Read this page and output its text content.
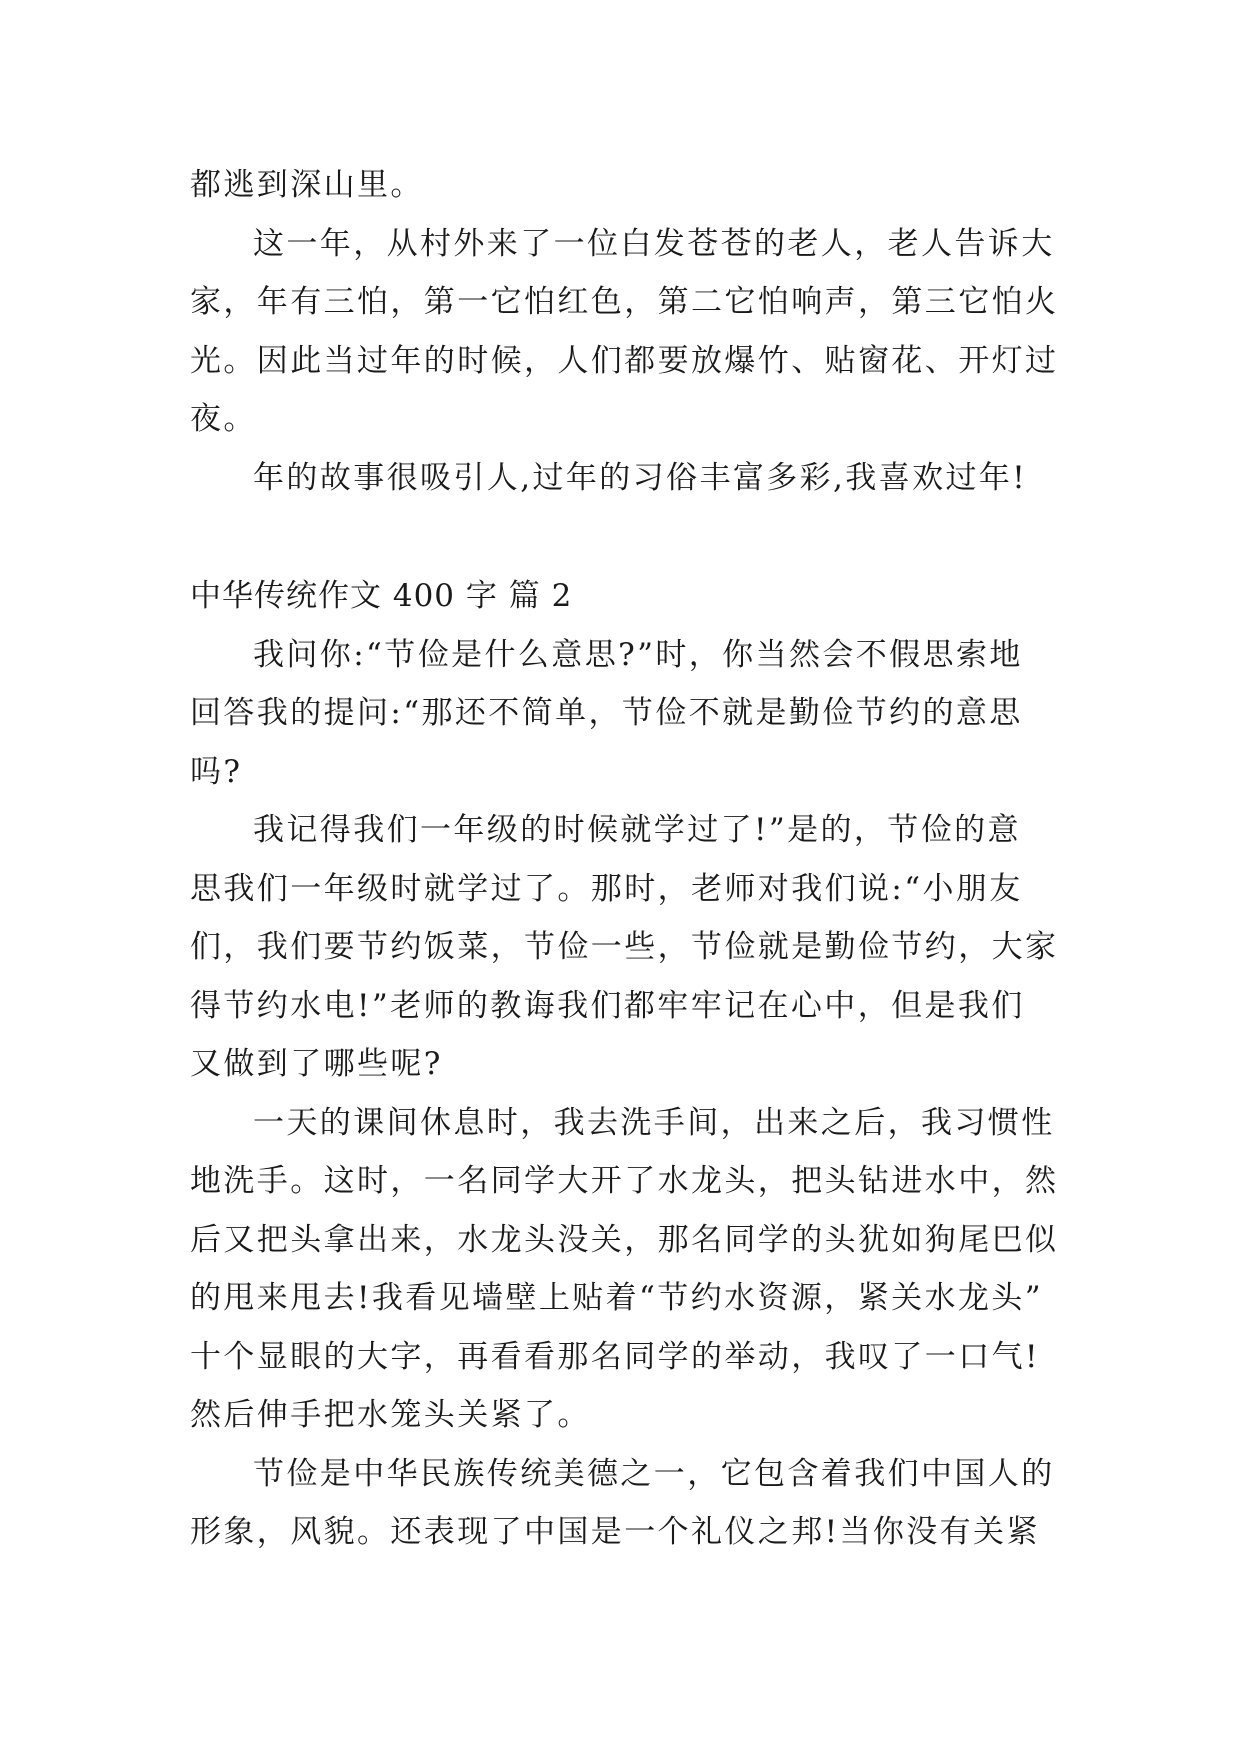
都逃到深山里。
这一年，从村外来了一位白发苍苍的老人，老人告诉大
家，年有三怕，第一它怕红色，第二它怕响声，第三它怕火
光。因此当过年的时候，人们都要放爆竹、贴窗花、开灯过
夜。
年的故事很吸引人,过年的习俗丰富多彩,我喜欢过年!
中华传统作文 400 字 篇 2
我问你:“节俭是什么意思?”时，你当然会不假思索地
回答我的提问:“那还不简单，节俭不就是勤俭节约的意思
吗?
我记得我们一年级的时候就学过了!”是的，节俭的意
思我们一年级时就学过了。那时，老师对我们说:“小朋友
们，我们要节约饭菜，节俭一些，节俭就是勤俭节约，大家
得节约水电!”老师的教诲我们都牢牢记在心中，但是我们
又做到了哪些呢?
一天的课间休息时，我去洗手间，出来之后，我习惯性
地洗手。这时，一名同学大开了水龙头，把头钻进水中，然
后又把头拿出来，水龙头没关，那名同学的头犹如狗尾巴似
的甩来甩去!我看见墙壁上贴着“节约水资源，紧关水龙头”
十个显眼的大字，再看看那名同学的举动，我叹了一口气!
然后伸手把水笼头关紧了。
节俭是中华民族传统美德之一，它包含着我们中国人的
形象，风貌。还表现了中国是一个礼仪之邦!当你没有关紧
